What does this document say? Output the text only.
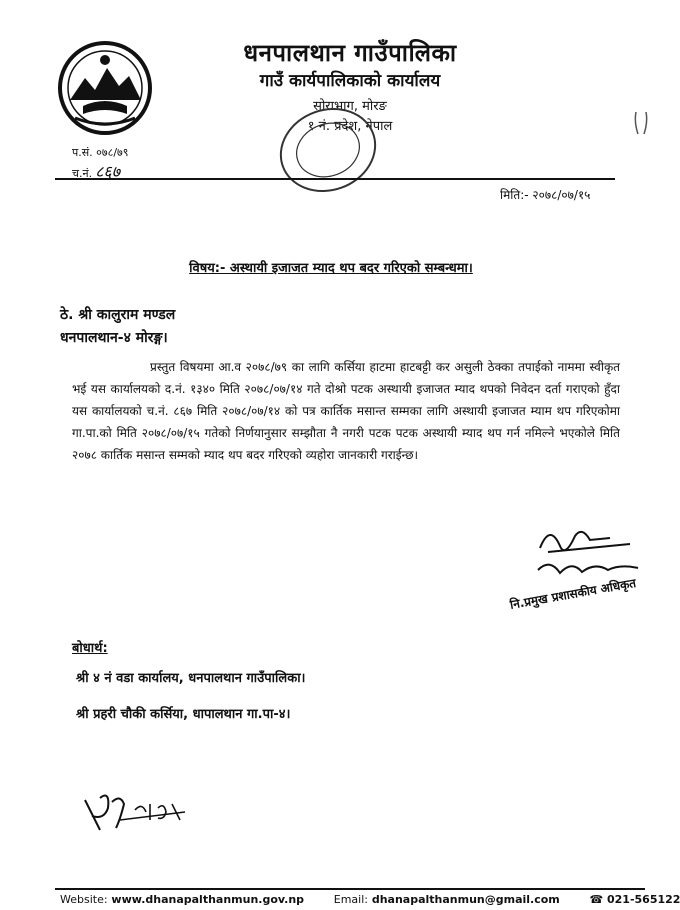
धनपालथान गाउँपालिका
गाउँ कार्यपालिकाको कार्यालय
सोराभाग, मोरङ
१ नं. प्रदेश, नेपाल
प.सं. ०७८/७९
च.नं. ८६७
मिति:- २०७८/०७/१५
विषय:- अस्थायी इजाजत म्याद थप बदर गरिएको सम्बन्धमा।
ठे. श्री कालुराम मण्डल
धनपालथान-४ मोरङ्ग।

प्रस्तुत विषयमा आ.व २०७८/७९ का लागि कर्सिया हाटमा हाटबट्टी कर असुली ठेक्का तपाईको नाममा स्वीकृत भई यस कार्यालयको द.नं. १३४० मिति २०७८/०७/१४ गते दोश्रो पटक अस्थायी इजाजत म्याद थपको निवेदन दर्ता गराएको हुँदा यस कार्यालयको च.नं. ८६७ मिति २०७८/०७/१४ को पत्र कार्तिक मसान्त सम्मका लागि अस्थायी इजाजत म्याम थप गरिएकोमा गा.पा.को मिति २०७८/०७/१५ गतेको निर्णयानुसार सम्झौता नै नगरी पटक पटक अस्थायी म्याद थप गर्न नमिल्ने भएकोले मिति २०७८ कार्तिक मसान्त सम्मको म्याद थप बदर गरिएको व्यहोरा जानकारी गराईन्छ।

नि.प्रमुख प्रशासकीय अधिकृत
बोधार्थ:
श्री ४ नं वडा कार्यालय, धनपालथान गाउँपालिका।
श्री प्रहरी चौकी कर्सिया, धापालथान गा.पा-४।
Website: www.dhanapalthanmun.gov.np	Email: dhanapalthanmun@gmail.com	☎ 021-565122
